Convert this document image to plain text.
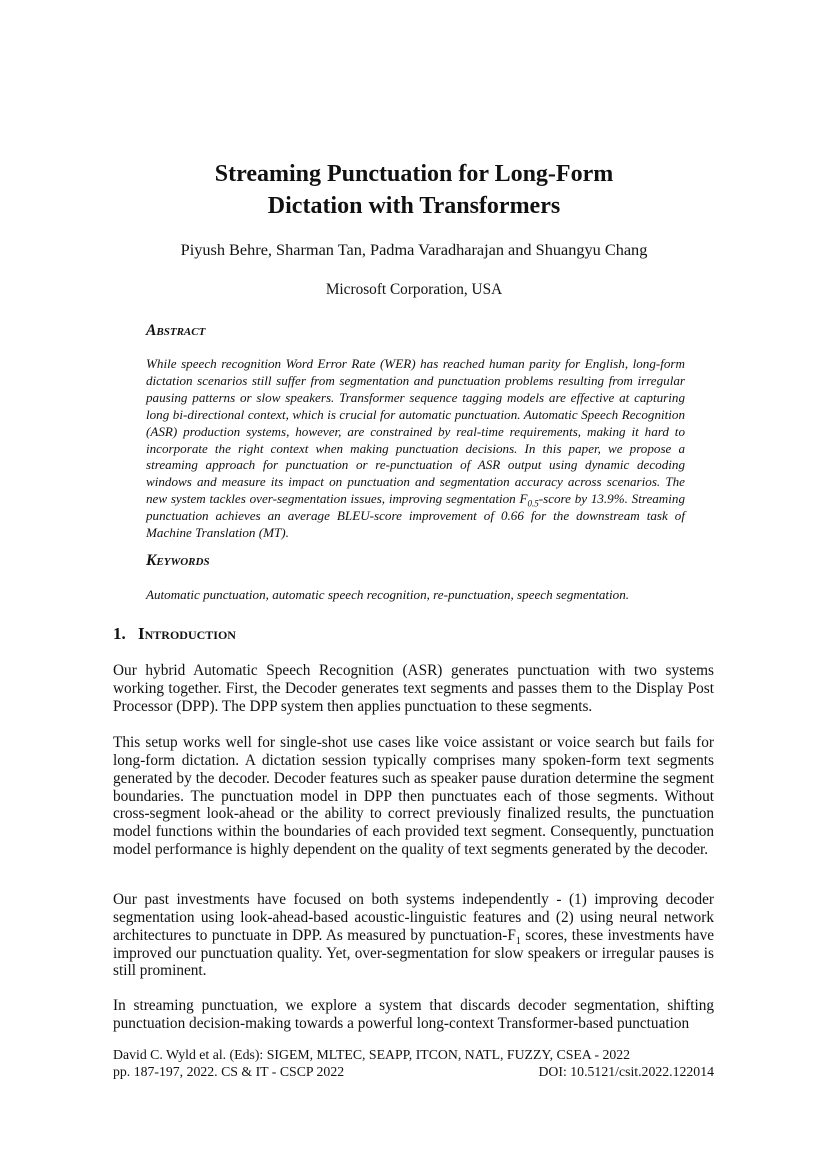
Streaming Punctuation for Long-Form
Dictation with Transformers

Piyush Behre, Sharman Tan, Padma Varadharajan and Shuangyu Chang

Microsoft Corporation, USA

Abstract

While speech recognition Word Error Rate (WER) has reached human parity for English, long-form dictation scenarios still suffer from segmentation and punctuation problems resulting from irregular pausing patterns or slow speakers. Transformer sequence tagging models are effective at capturing long bi-directional context, which is crucial for automatic punctuation. Automatic Speech Recognition (ASR) production systems, however, are constrained by real-time requirements, making it hard to incorporate the right context when making punctuation decisions. In this paper, we propose a streaming approach for punctuation or re-punctuation of ASR output using dynamic decoding windows and measure its impact on punctuation and segmentation accuracy across scenarios. The new system tackles over-segmentation issues, improving segmentation $F_{0.5}$-score by 13.9%. Streaming punctuation achieves an average BLEU-score improvement of 0.66 for the downstream task of Machine Translation (MT).

Keywords

Automatic punctuation, automatic speech recognition, re-punctuation, speech segmentation.

1. Introduction

Our hybrid Automatic Speech Recognition (ASR) generates punctuation with two systems working together. First, the Decoder generates text segments and passes them to the Display Post Processor (DPP). The DPP system then applies punctuation to these segments.

This setup works well for single-shot use cases like voice assistant or voice search but fails for long-form dictation. A dictation session typically comprises many spoken-form text segments generated by the decoder. Decoder features such as speaker pause duration determine the segment boundaries. The punctuation model in DPP then punctuates each of those segments. Without cross-segment look-ahead or the ability to correct previously finalized results, the punctuation model functions within the boundaries of each provided text segment. Consequently, punctuation model performance is highly dependent on the quality of text segments generated by the decoder.

Our past investments have focused on both systems independently - (1) improving decoder segmentation using look-ahead-based acoustic-linguistic features and (2) using neural network architectures to punctuate in DPP. As measured by punctuation-$F_1$ scores, these investments have improved our punctuation quality. Yet, over-segmentation for slow speakers or irregular pauses is still prominent.

In streaming punctuation, we explore a system that discards decoder segmentation, shifting punctuation decision-making towards a powerful long-context Transformer-based punctuation

David C. Wyld et al. (Eds): SIGEM, MLTEC, SEAPP, ITCON, NATL, FUZZY, CSEA - 2022
pp. 187-197, 2022. CS & IT - CSCP 2022	DOI: 10.5121/csit.2022.122014
